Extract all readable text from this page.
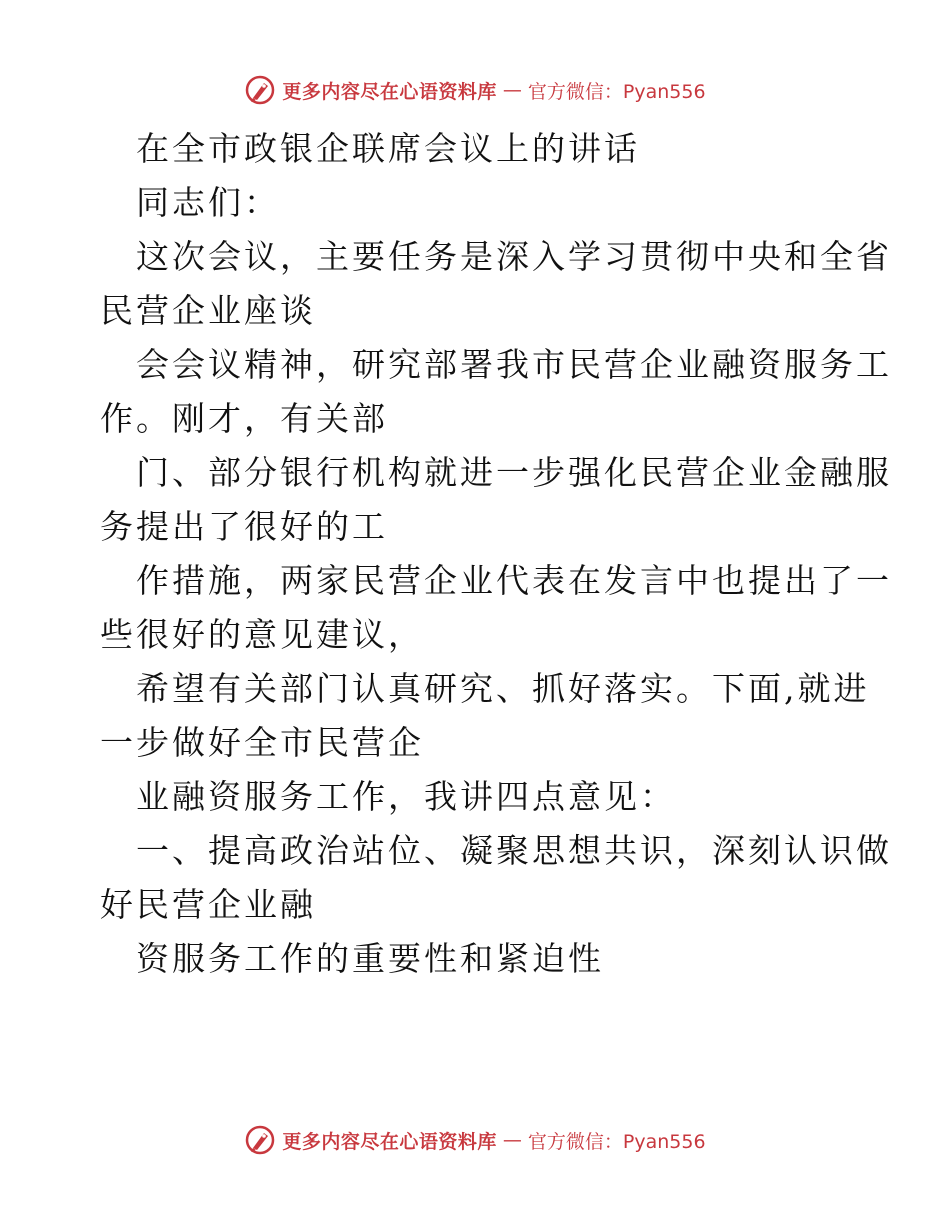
更多内容尽在心语资料库 — 官方微信：Pyan556
在全市政银企联席会议上的讲话
同志们：
这次会议，主要任务是深入学习贯彻中央和全省
民营企业座谈
会会议精神，研究部署我市民营企业融资服务工
作。刚才，有关部
门、部分银行机构就进一步强化民营企业金融服
务提出了很好的工
作措施，两家民营企业代表在发言中也提出了一
些很好的意见建议，
希望有关部门认真研究、抓好落实。下面,就进
一步做好全市民营企
业融资服务工作，我讲四点意见：
一、提高政治站位、凝聚思想共识，深刻认识做
好民营企业融
资服务工作的重要性和紧迫性
更多内容尽在心语资料库 — 官方微信：Pyan556
